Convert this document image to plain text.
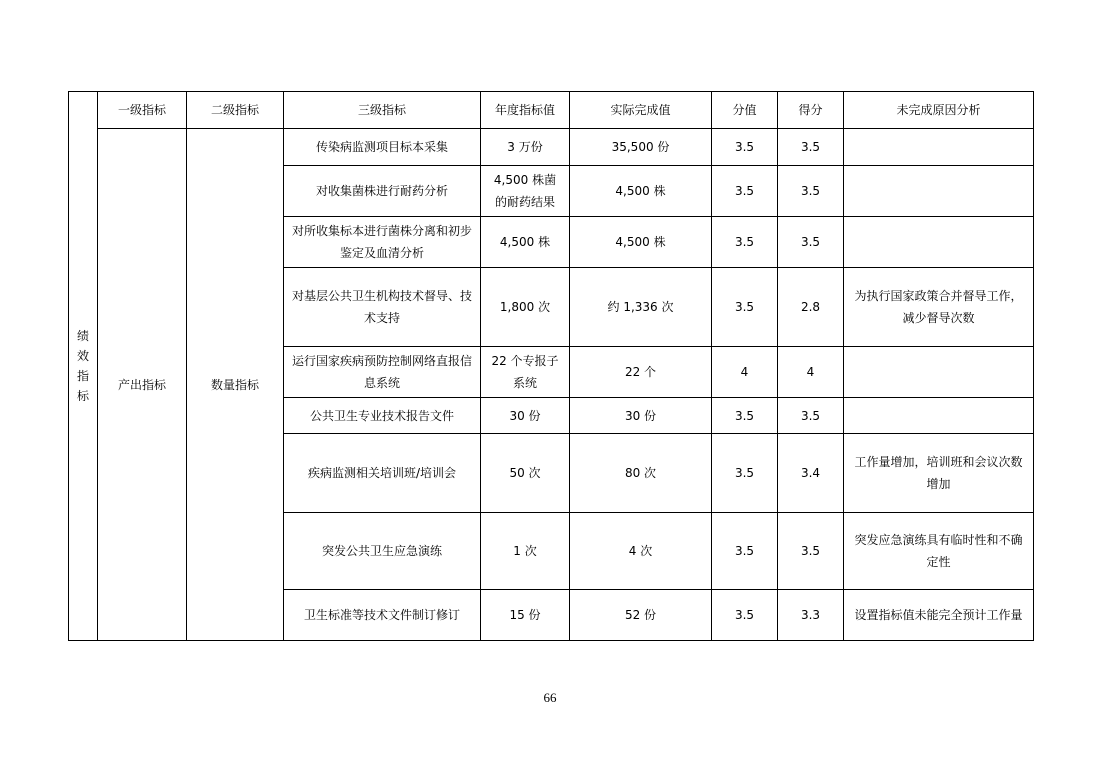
绩效指标	一级指标	二级指标	三级指标	年度指标值	实际完成值	分值	得分	未完成原因分析
	产出指标	数量指标	传染病监测项目标本采集	3 万份	35,500 份	3.5	3.5	
			对收集菌株进行耐药分析	4,500 株菌的耐药结果	4,500 株	3.5	3.5	
			对所收集标本进行菌株分离和初步鉴定及血清分析	4,500 株	4,500 株	3.5	3.5	
			对基层公共卫生机构技术督导、技术支持	1,800 次	约 1,336 次	3.5	2.8	为执行国家政策合并督导工作，减少督导次数
			运行国家疾病预防控制网络直报信息系统	22 个专报子系统	22 个	4	4	
			公共卫生专业技术报告文件	30 份	30 份	3.5	3.5	
			疾病监测相关培训班/培训会	50 次	80 次	3.5	3.4	工作量增加，培训班和会议次数增加
			突发公共卫生应急演练	1 次	4 次	3.5	3.5	突发应急演练具有临时性和不确定性
			卫生标准等技术文件制订修订	15 份	52 份	3.5	3.3	设置指标值未能完全预计工作量
66
